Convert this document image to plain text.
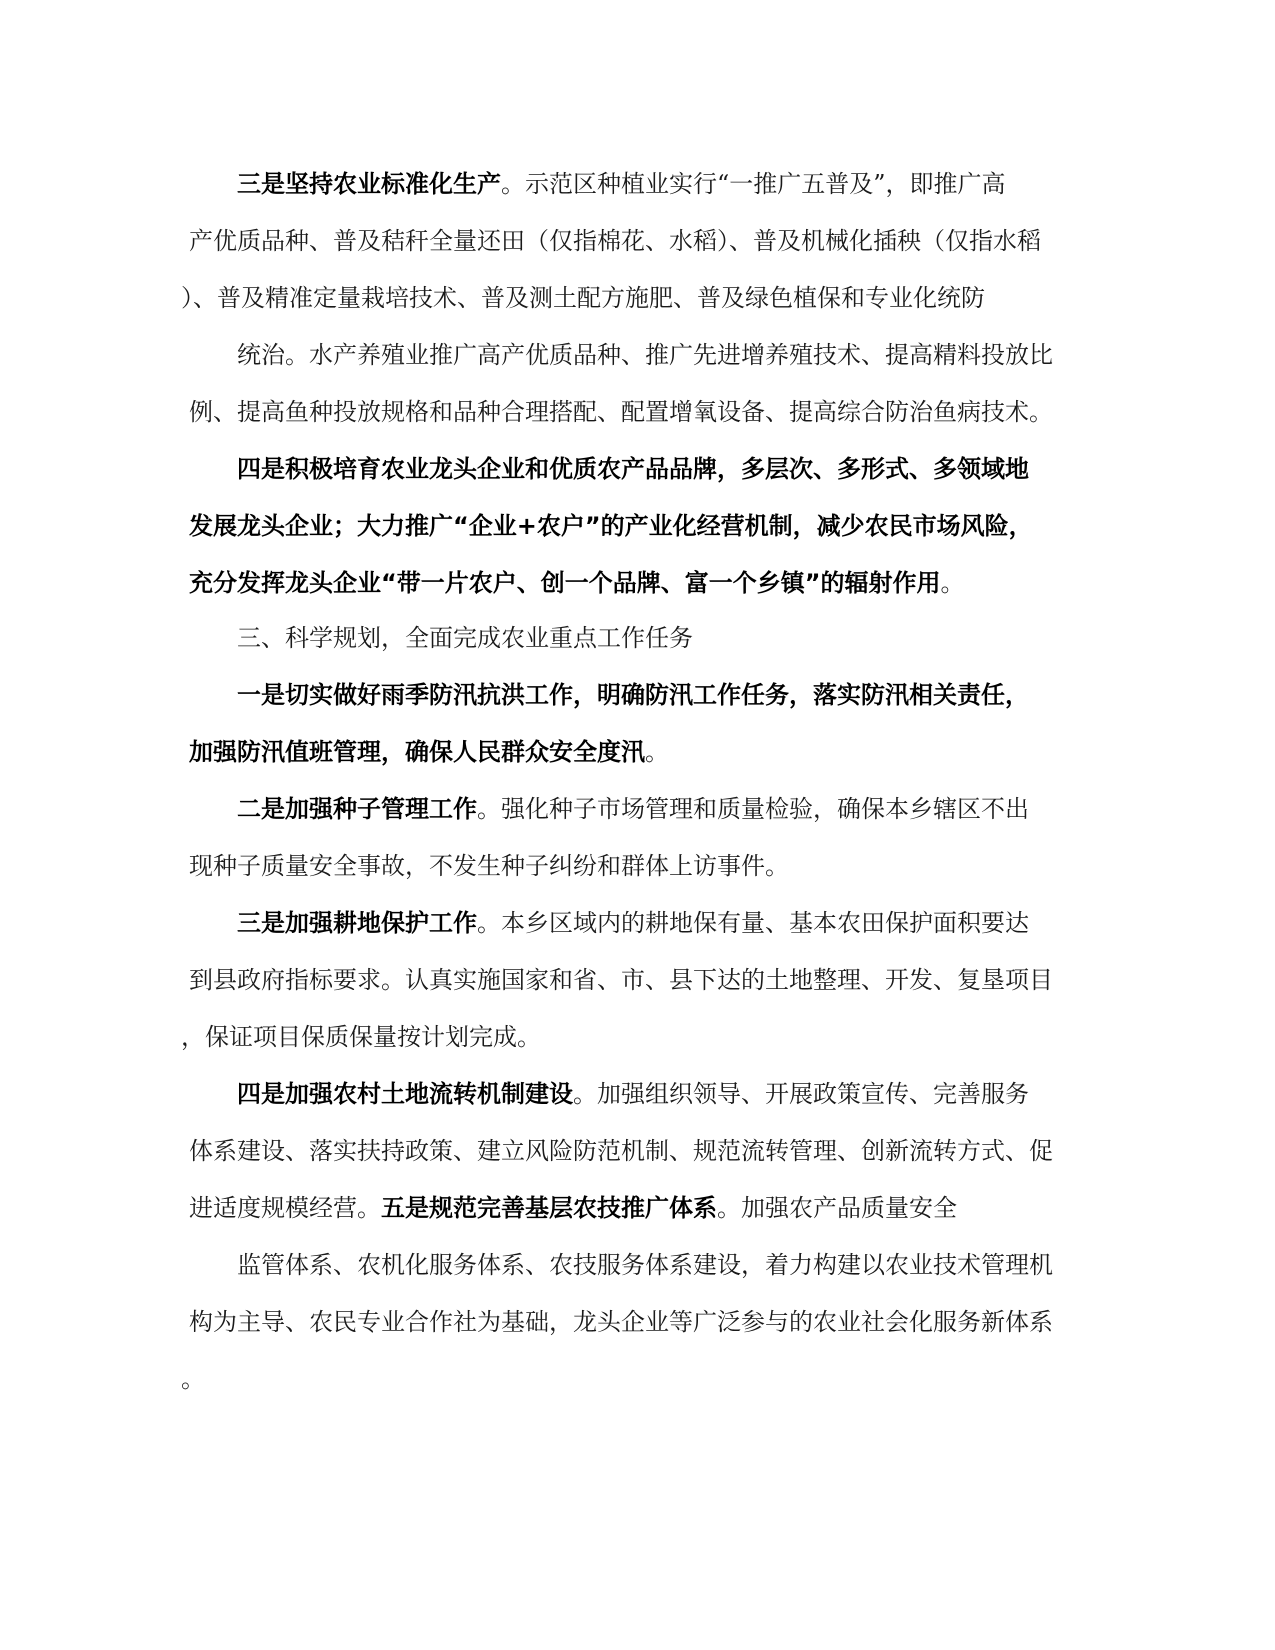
三是坚持农业标准化生产。示范区种植业实行“一推广五普及”，即推广高
产优质品种、普及秸秆全量还田（仅指棉花、水稻）、普及机械化插秧（仅指水稻
）、普及精准定量栽培技术、普及测土配方施肥、普及绿色植保和专业化统防
统治。水产养殖业推广高产优质品种、推广先进增养殖技术、提高精料投放比
例、提高鱼种投放规格和品种合理搭配、配置增氧设备、提高综合防治鱼病技术。
四是积极培育农业龙头企业和优质农产品品牌，多层次、多形式、多领域地
发展龙头企业；大力推广“企业+农户”的产业化经营机制，减少农民市场风险，
充分发挥龙头企业“带一片农户、创一个品牌、富一个乡镇”的辐射作用。
三、科学规划，全面完成农业重点工作任务
一是切实做好雨季防汛抗洪工作，明确防汛工作任务，落实防汛相关责任，
加强防汛值班管理，确保人民群众安全度汛。
二是加强种子管理工作。强化种子市场管理和质量检验，确保本乡辖区不出
现种子质量安全事故，不发生种子纠纷和群体上访事件。
三是加强耕地保护工作。本乡区域内的耕地保有量、基本农田保护面积要达
到县政府指标要求。认真实施国家和省、市、县下达的土地整理、开发、复垦项目
，保证项目保质保量按计划完成。
四是加强农村土地流转机制建设。加强组织领导、开展政策宣传、完善服务
体系建设、落实扶持政策、建立风险防范机制、规范流转管理、创新流转方式、促
进适度规模经营。五是规范完善基层农技推广体系。加强农产品质量安全
监管体系、农机化服务体系、农技服务体系建设，着力构建以农业技术管理机
构为主导、农民专业合作社为基础，龙头企业等广泛参与的农业社会化服务新体系
。
